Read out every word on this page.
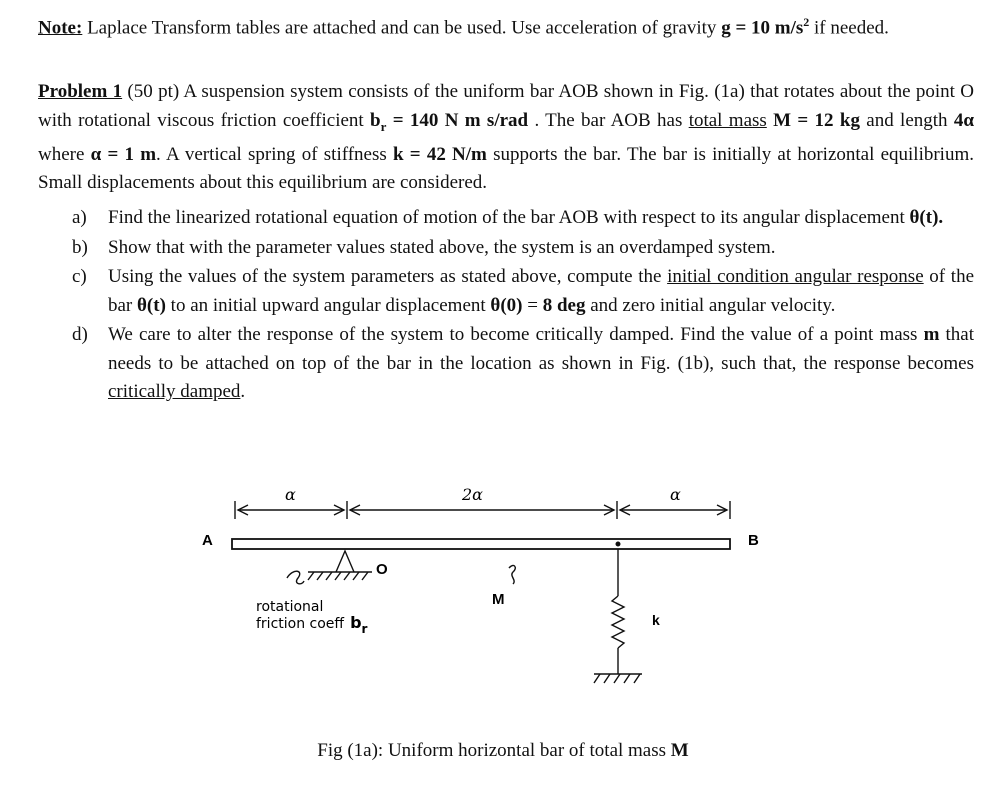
Note: Laplace Transform tables are attached and can be used. Use acceleration of gravity g = 10 $m/s^2$ if needed.
Problem 1 (50 pt) A suspension system consists of the uniform bar AOB shown in Fig. (1a) that rotates about the point O with rotational viscous friction coefficient $b_r = 140$ N m s/rad . The bar AOB has total mass M = 12 kg and length 4α where α = 1 m. A vertical spring of stiffness k = 42 N/m supports the bar. The bar is initially at horizontal equilibrium. Small displacements about this equilibrium are considered.
a) Find the linearized rotational equation of motion of the bar AOB with respect to its angular displacement θ(t).
b) Show that with the parameter values stated above, the system is an overdamped system.
c) Using the values of the system parameters as stated above, compute the initial condition angular response of the bar θ(t) to an initial upward angular displacement θ(0) = 8 deg and zero initial angular velocity.
d) We care to alter the response of the system to become critically damped. Find the value of a point mass m that needs to be attached on top of the bar in the location as shown in Fig. (1b), such that, the response becomes critically damped.
α	2α	α
A	B
O
M
k
rotational
friction coeff br
Fig (1a): Uniform horizontal bar of total mass M
